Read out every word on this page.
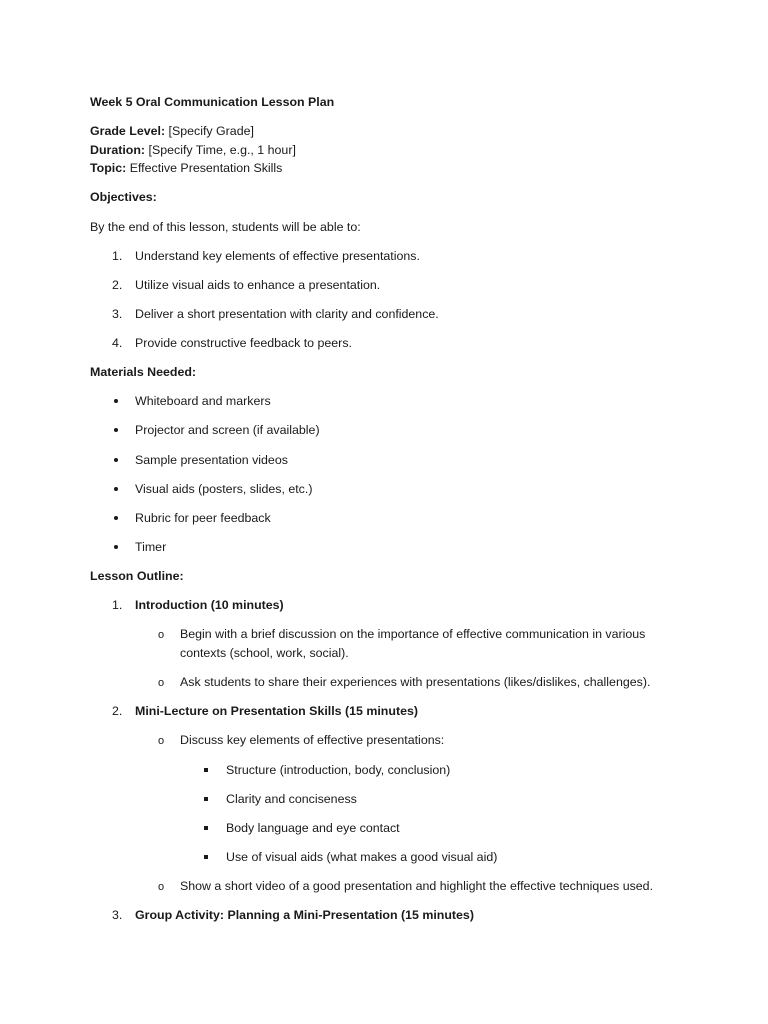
Week 5 Oral Communication Lesson Plan
Grade Level: [Specify Grade]
Duration: [Specify Time, e.g., 1 hour]
Topic: Effective Presentation Skills
Objectives:
By the end of this lesson, students will be able to:
1. Understand key elements of effective presentations.
2. Utilize visual aids to enhance a presentation.
3. Deliver a short presentation with clarity and confidence.
4. Provide constructive feedback to peers.
Materials Needed:
Whiteboard and markers
Projector and screen (if available)
Sample presentation videos
Visual aids (posters, slides, etc.)
Rubric for peer feedback
Timer
Lesson Outline:
1. Introduction (10 minutes)
o Begin with a brief discussion on the importance of effective communication in various
contexts (school, work, social).
o Ask students to share their experiences with presentations (likes/dislikes, challenges).
2. Mini-Lecture on Presentation Skills (15 minutes)
o Discuss key elements of effective presentations:
Structure (introduction, body, conclusion)
Clarity and conciseness
Body language and eye contact
Use of visual aids (what makes a good visual aid)
o Show a short video of a good presentation and highlight the effective techniques used.
3. Group Activity: Planning a Mini-Presentation (15 minutes)
